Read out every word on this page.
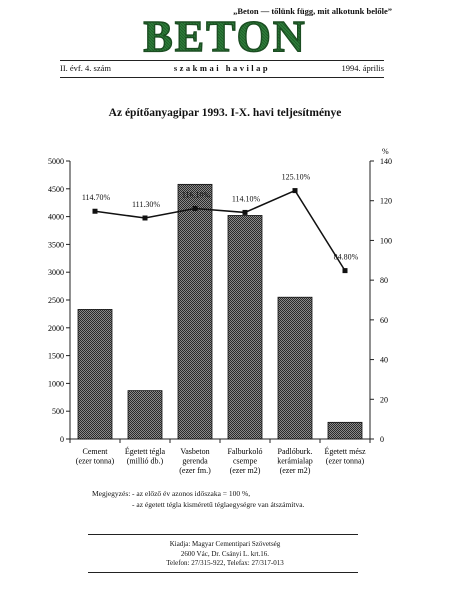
„Beton — tőlünk függ, mit alkotunk belőle”
BETON
szakmai havilap
II. évf. 4. szám	1994. április
Az építőanyagipar 1993. I-X. havi teljesítménye
0
500
1000
1500
2000
2500
3000
3500
4000
4500
5000
0
20
40
60
80
100
120
140
%
114.70%
111.30%
116.10%	114.10%
125.10%
84.80%
Cement
(ezer tonna)
Égetett tégla
(millió db.)
Vasbeton
gerenda
(ezer fm.)
Falburkoló
csempe
(ezer m2)
Padlóburk.
kerámialap
(ezer m2)
Égetett mész
(ezer tonna)
Megjegyzés: - az előző év azonos időszaka = 100 %,
- az égetett tégla kisméretű téglaegységre van átszámítva.
Kiadja: Magyar Cementipari Szövetség
2600 Vác, Dr. Csányi L. krt.16.
Telefon: 27/315-922, Telefax: 27/317-013
